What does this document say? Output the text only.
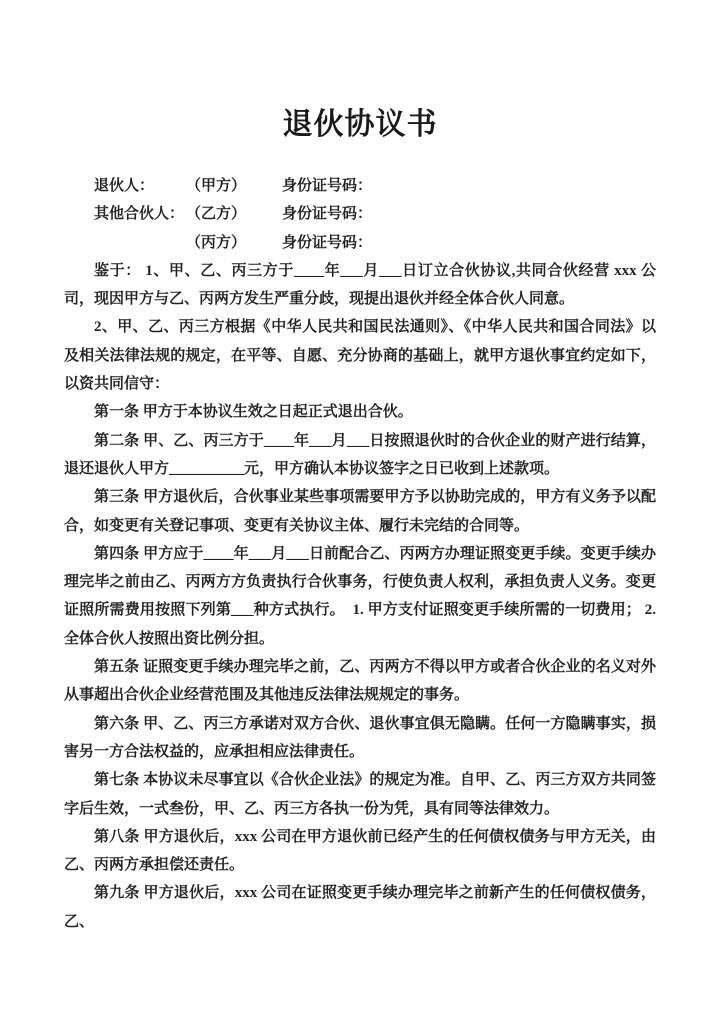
退伙协议书
退伙人：	（甲方）	身份证号码：
其他合伙人： （乙方）	身份证号码：
（丙方）	身份证号码：

鉴于： 1、甲、乙、丙三方于____年___月___日订立合伙协议,共同合伙经营 xxx 公司，现因甲方与乙、丙两方发生严重分歧，现提出退伙并经全体合伙人同意。

2、甲、乙、丙三方根据《中华人民共和国民法通则》、《中华人民共和国合同法》以及相关法律法规的规定，在平等、自愿、充分协商的基础上，就甲方退伙事宜约定如下，以资共同信守：

第一条 甲方于本协议生效之日起正式退出合伙。

第二条 甲、乙、丙三方于____年___月___日按照退伙时的合伙企业的财产进行结算，退还退伙人甲方__________元，甲方确认本协议签字之日已收到上述款项。

第三条 甲方退伙后，合伙事业某些事项需要甲方予以协助完成的，甲方有义务予以配合，如变更有关登记事项、变更有关协议主体、履行未完结的合同等。

第四条 甲方应于____年___月___日前配合乙、丙两方办理证照变更手续。变更手续办理完毕之前由乙、丙两方方负责执行合伙事务，行使负责人权利，承担负责人义务。变更证照所需费用按照下列第___种方式执行。　1. 甲方支付证照变更手续所需的一切费用； 2. 全体合伙人按照出资比例分担。

第五条 证照变更手续办理完毕之前，乙、丙两方不得以甲方或者合伙企业的名义对外从事超出合伙企业经营范围及其他违反法律法规规定的事务。

第六条 甲、乙、丙三方承诺对双方合伙、退伙事宜俱无隐瞒。任何一方隐瞒事实，损害另一方合法权益的，应承担相应法律责任。

第七条 本协议未尽事宜以《合伙企业法》的规定为准。自甲、乙、丙三方双方共同签字后生效，一式叁份，甲、乙、丙三方各执一份为凭，具有同等法律效力。

第八条 甲方退伙后，xxx 公司在甲方退伙前已经产生的任何债权债务与甲方无关，由乙、丙两方承担偿还责任。

第九条 甲方退伙后，xxx 公司在证照变更手续办理完毕之前新产生的任何债权债务，乙、
